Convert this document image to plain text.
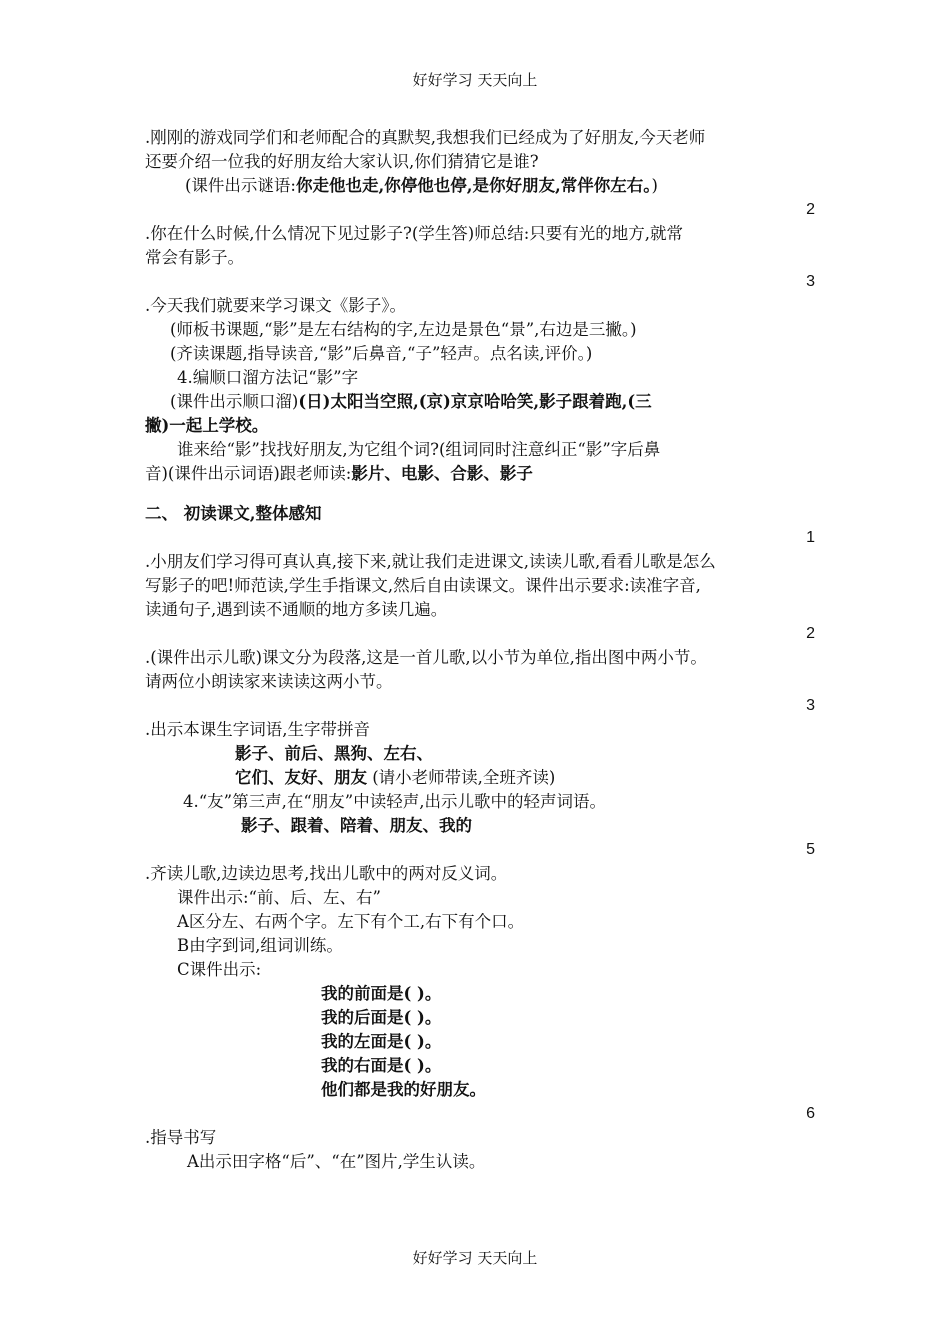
好好学习 天天向上

.刚刚的游戏同学们和老师配合的真默契,我想我们已经成为了好朋友,今天老师

还要介绍一位我的好朋友给大家认识,你们猜猜它是谁?

(课件出示谜语:你走他也走,你停他也停,是你好朋友,常伴你左右。)

2

.你在什么时候,什么情况下见过影子?(学生答)师总结:只要有光的地方,就常

常会有影子。

3

.今天我们就要来学习课文《影子》。

(师板书课题,“影”是左右结构的字,左边是景色“景”,右边是三撇。)

(齐读课题,指导读音,“影”后鼻音,“子”轻声。点名读,评价。)

4.编顺口溜方法记“影”字

(课件出示顺口溜)(日)太阳当空照,(京)京京哈哈笑,影子跟着跑,(三

撇)一起上学校。

谁来给“影”找找好朋友,为它组个词?(组词同时注意纠正“影”字后鼻

音)(课件出示词语)跟老师读:影片、电影、合影、影子

二、 初读课文,整体感知

1

.小朋友们学习得可真认真,接下来,就让我们走进课文,读读儿歌,看看儿歌是怎么

写影子的吧!师范读,学生手指课文,然后自由读课文。课件出示要求:读准字音,

读通句子,遇到读不通顺的地方多读几遍。

2

.(课件出示儿歌)课文分为段落,这是一首儿歌,以小节为单位,指出图中两小节。

请两位小朗读家来读读这两小节。

3

.出示本课生字词语,生字带拼音

影子、前后、黑狗、左右、

它们、友好、朋友 (请小老师带读,全班齐读)

4.“友”第三声,在“朋友”中读轻声,出示儿歌中的轻声词语。

影子、跟着、陪着、朋友、我的

5

.齐读儿歌,边读边思考,找出儿歌中的两对反义词。

课件出示:“前、后、左、右”

A区分左、右两个字。左下有个工,右下有个口。

B由字到词,组词训练。

C课件出示:

我的前面是( )。

我的后面是( )。

我的左面是( )。

我的右面是( )。

他们都是我的好朋友。

6

.指导书写

A出示田字格“后”、“在”图片,学生认读。

好好学习 天天向上
